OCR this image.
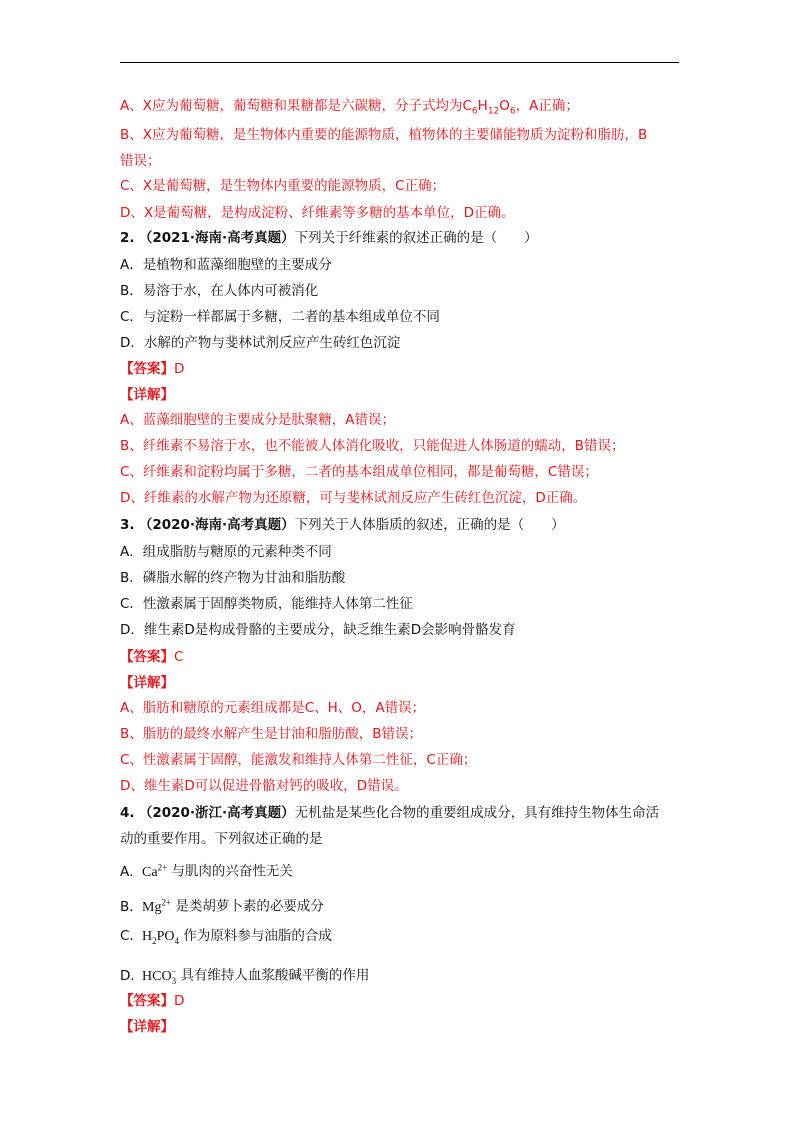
A、X应为葡萄糖，葡萄糖和果糖都是六碳糖，分子式均为$C_6H_{12}O_6$，A正确；
B、X应为葡萄糖，是生物体内重要的能源物质，植物体的主要储能物质为淀粉和脂肪，B
错误；
C、X是葡萄糖，是生物体内重要的能源物质，C正确；
D、X是葡萄糖，是构成淀粉、纤维素等多糖的基本单位，D正确。
2. （2021·海南·高考真题）下列关于纤维素的叙述正确的是（　　）
A．是植物和蓝藻细胞壁的主要成分
B．易溶于水，在人体内可被消化
C．与淀粉一样都属于多糖，二者的基本组成单位不同
D．水解的产物与斐林试剂反应产生砖红色沉淀
【答案】D
【详解】
A、蓝藻细胞壁的主要成分是肽聚糖，A错误；
B、纤维素不易溶于水，也不能被人体消化吸收，只能促进人体肠道的蠕动，B错误；
C、纤维素和淀粉均属于多糖，二者的基本组成单位相同，都是葡萄糖，C错误；
D、纤维素的水解产物为还原糖，可与斐林试剂反应产生砖红色沉淀，D正确。
3. （2020·海南·高考真题）下列关于人体脂质的叙述，正确的是（　　）
A．组成脂肪与糖原的元素种类不同
B．磷脂水解的终产物为甘油和脂肪酸
C．性激素属于固醇类物质，能维持人体第二性征
D．维生素D是构成骨骼的主要成分，缺乏维生素D会影响骨骼发育
【答案】C
【详解】
A、脂肪和糖原的元素组成都是C、H、O，A错误；
B、脂肪的最终水解产生是甘油和脂肪酸，B错误；
C、性激素属于固醇，能激发和维持人体第二性征，C正确；
D、维生素D可以促进骨骼对钙的吸收，D错误。
4. （2020·浙江·高考真题）无机盐是某些化合物的重要组成成分，具有维持生物体生命活
动的重要作用。下列叙述正确的是
A．$Ca^{2+}$ 与肌肉的兴奋性无关
B．$Mg^{2+}$ 是类胡萝卜素的必要成分
C．$H_2PO_4$ 作为原料参与油脂的合成
D．$HCO_3^-$ 具有维持人血浆酸碱平衡的作用
【答案】D
【详解】
